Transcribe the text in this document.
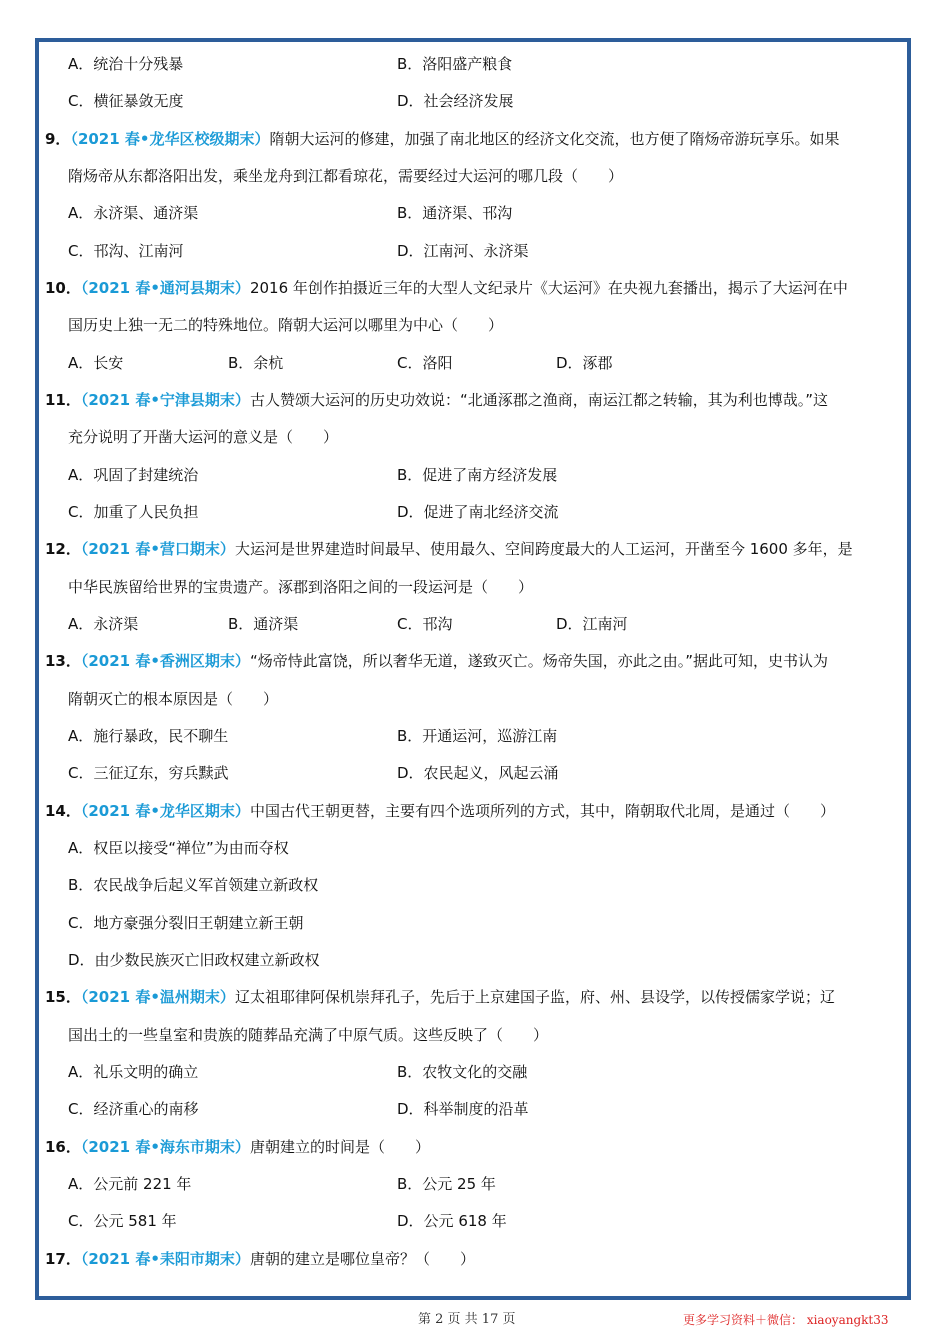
A．统治十分残暴	B．洛阳盛产粮食
C．横征暴敛无度	D．社会经济发展
9．（2021 春•龙华区校级期末）隋朝大运河的修建，加强了南北地区的经济文化交流，也方便了隋炀帝游玩享乐。如果
隋炀帝从东都洛阳出发，乘坐龙舟到江都看琼花，需要经过大运河的哪几段（　　）
A．永济渠、通济渠	B．通济渠、邗沟
C．邗沟、江南河	D．江南河、永济渠
10．（2021 春•通河县期末）2016 年创作拍摄近三年的大型人文纪录片《大运河》在央视九套播出，揭示了大运河在中
国历史上独一无二的特殊地位。隋朝大运河以哪里为中心（　　）
A．长安	B．余杭	C．洛阳	D．涿郡
11．（2021 春•宁津县期末）古人赞颂大运河的历史功效说：“北通涿郡之渔商，南运江都之转输，其为利也博哉。”这
充分说明了开凿大运河的意义是（　　）
A．巩固了封建统治	B．促进了南方经济发展
C．加重了人民负担	D．促进了南北经济交流
12．（2021 春•营口期末）大运河是世界建造时间最早、使用最久、空间跨度最大的人工运河，开凿至今 1600 多年，是
中华民族留给世界的宝贵遗产。涿郡到洛阳之间的一段运河是（　　）
A．永济渠	B．通济渠	C．邗沟	D．江南河
13．（2021 春•香洲区期末）“炀帝恃此富饶，所以奢华无道，遂致灭亡。炀帝失国，亦此之由。”据此可知，史书认为
隋朝灭亡的根本原因是（　　）
A．施行暴政，民不聊生	B．开通运河，巡游江南
C．三征辽东，穷兵黩武	D．农民起义，风起云涌
14．（2021 春•龙华区期末）中国古代王朝更替，主要有四个选项所列的方式，其中，隋朝取代北周，是通过（　　）
A．权臣以接受“禅位”为由而夺权
B．农民战争后起义军首领建立新政权
C．地方豪强分裂旧王朝建立新王朝
D．由少数民族灭亡旧政权建立新政权
15．（2021 春•温州期末）辽太祖耶律阿保机崇拜孔子，先后于上京建国子监，府、州、县设学，以传授儒家学说；辽
国出土的一些皇室和贵族的随葬品充满了中原气质。这些反映了（　　）
A．礼乐文明的确立	B．农牧文化的交融
C．经济重心的南移	D．科举制度的沿革
16．（2021 春•海东市期末）唐朝建立的时间是（　　）
A．公元前 221 年	B．公元 25 年
C．公元 581 年	D．公元 618 年
17．（2021 春•耒阳市期末）唐朝的建立是哪位皇帝？（　　）
第 2 页 共 17 页	更多学习资料＋微信： xiaoyangkt33
